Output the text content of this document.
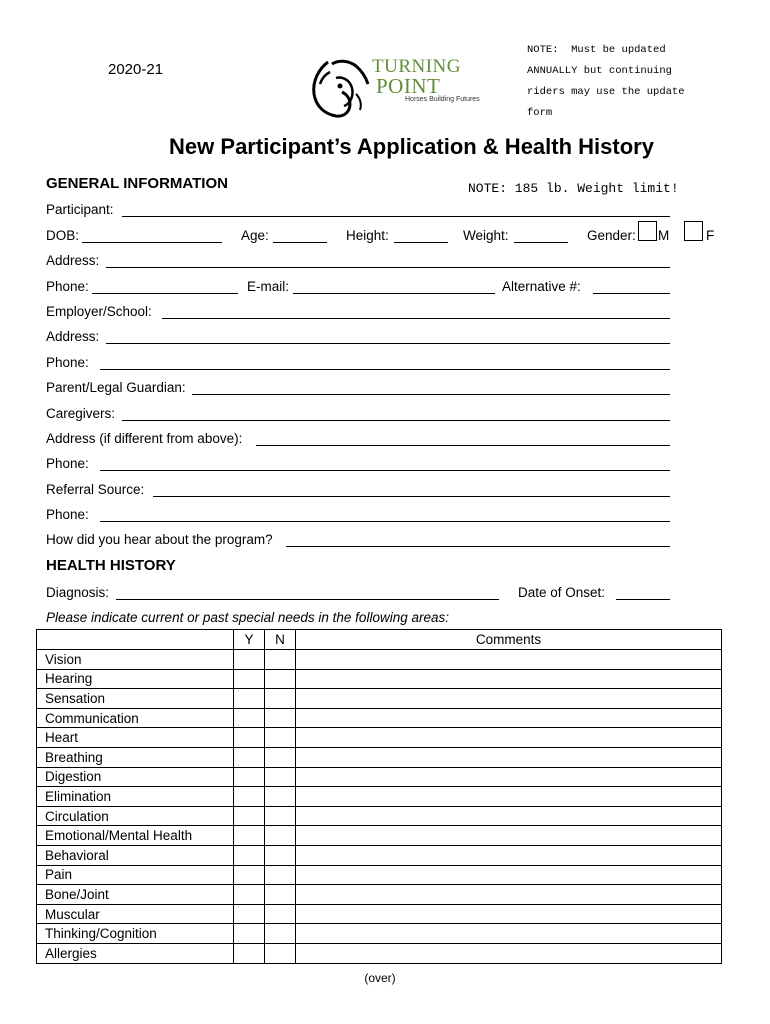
2020-21	TURNING
POINT
Horses Building Futures
NOTE:  Must be updated
ANNUALLY but continuing
riders may use the update
form
New Participant’s Application & Health History
GENERAL INFORMATION	NOTE: 185 lb. Weight limit!
Participant:
DOB:	Age:	Height:	Weight:	Gender: M	F
Address:
Phone:	E-mail:	Alternative #:
Employer/School:
Address:
Phone:
Parent/Legal Guardian:
Caregivers:
Address (if different from above):
Phone:
Referral Source:
Phone:
How did you hear about the program?
HEALTH HISTORY
Diagnosis:	Date of Onset:
Please indicate current or past special needs in the following areas:
	Y	N	Comments
Vision			
Hearing			
Sensation			
Communication			
Heart			
Breathing			
Digestion			
Elimination			
Circulation			
Emotional/Mental Health			
Behavioral			
Pain			
Bone/Joint			
Muscular			
Thinking/Cognition			
Allergies			
(over)
